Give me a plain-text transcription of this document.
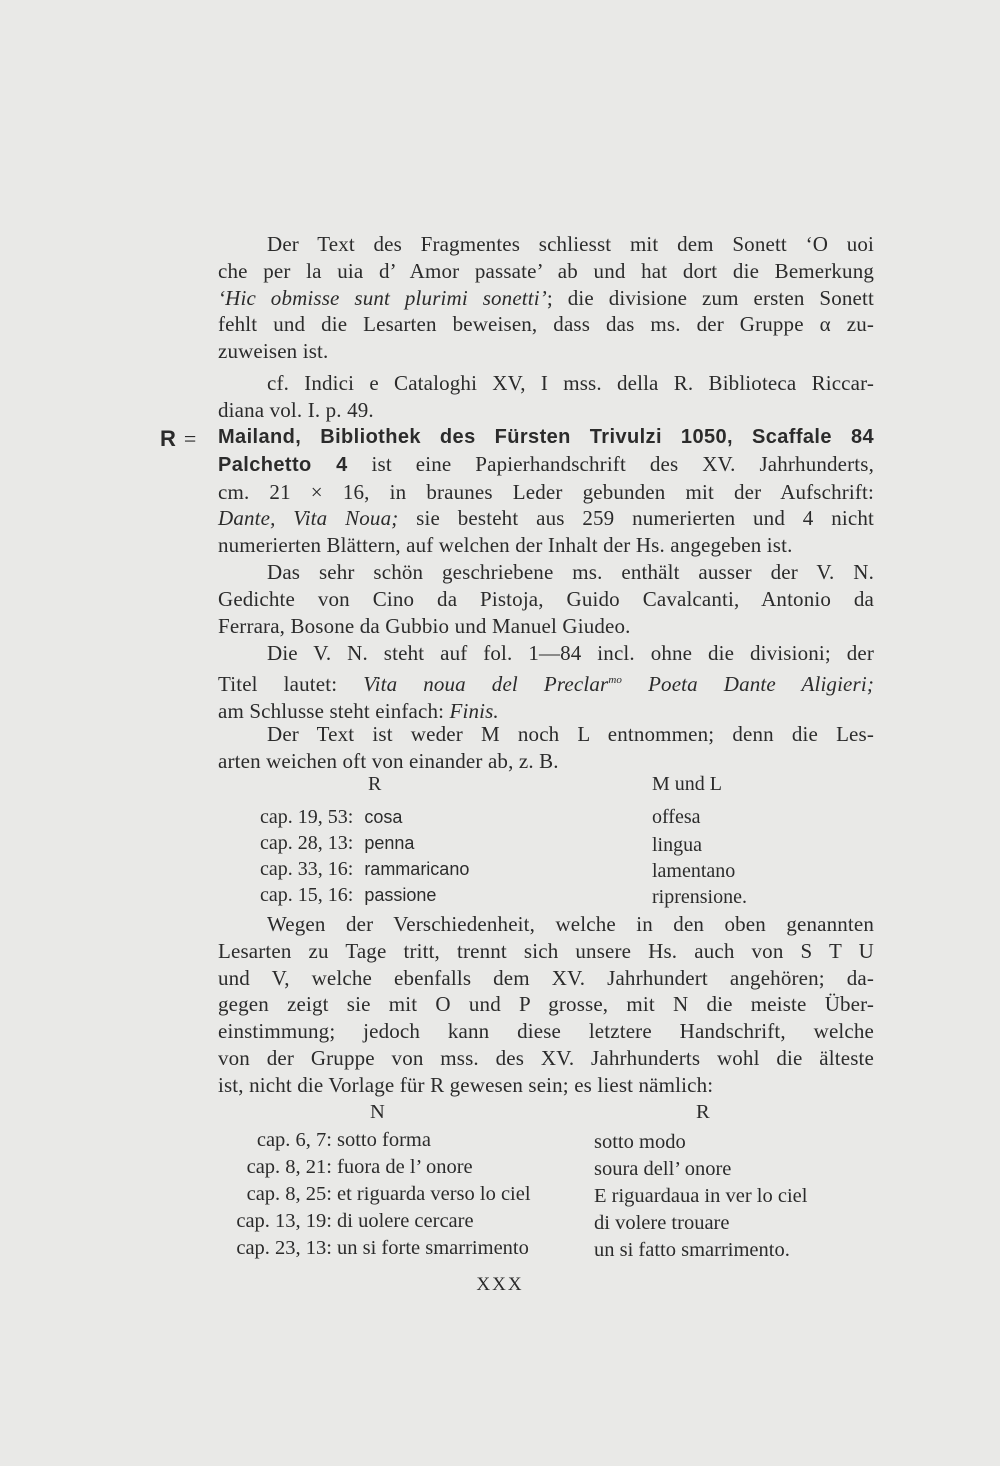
Der Text des Fragmentes schliesst mit dem Sonett ‘O uoi

che per la uia d’ Amor passate’ ab und hat dort die Bemerkung

‘Hic obmisse sunt plurimi sonetti’; die divisione zum ersten Sonett

fehlt und die Lesarten beweisen, dass das ms. der Gruppe α zu-

zuweisen ist.

cf. Indici e Cataloghi XV, I mss. della R. Biblioteca Riccar-

diana vol. I. p. 49.

R = Mailand, Bibliothek des Fürsten Trivulzi 1050, Scaffale 84

Palchetto 4 ist eine Papierhandschrift des XV. Jahrhunderts,

cm. 21 × 16, in braunes Leder gebunden mit der Aufschrift:

Dante, Vita Noua; sie besteht aus 259 numerierten und 4 nicht

numerierten Blättern, auf welchen der Inhalt der Hs. angegeben ist.

Das sehr schön geschriebene ms. enthält ausser der V. N.

Gedichte von Cino da Pistoja, Guido Cavalcanti, Antonio da

Ferrara, Bosone da Gubbio und Manuel Giudeo.

Die V. N. steht auf fol. 1—84 incl. ohne die divisioni; der

Titel lautet: Vita noua del Preclar$^{mo}$ Poeta Dante Aligieri;

am Schlusse steht einfach: Finis.

Der Text ist weder M noch L entnommen; denn die Les-

arten weichen oft von einander ab, z. B.

R	M und L
cap. 19, 53: cosa	offesa
cap. 28, 13: penna	lingua
cap. 33, 16: rammaricano	lamentano
cap. 15, 16: passione	riprensione.

Wegen der Verschiedenheit, welche in den oben genannten

Lesarten zu Tage tritt, trennt sich unsere Hs. auch von S T U

und V, welche ebenfalls dem XV. Jahrhundert angehören; da-

gegen zeigt sie mit O und P grosse, mit N die meiste Über-

einstimmung; jedoch kann diese letztere Handschrift, welche

von der Gruppe von mss. des XV. Jahrhunderts wohl die älteste

ist, nicht die Vorlage für R gewesen sein; es liest nämlich:

N	R
cap. 6, 7: sotto forma	sotto modo
cap. 8, 21: fuora de l’ onore	soura dell’ onore
cap. 8, 25: et riguarda verso lo ciel	E riguardaua in ver lo ciel
cap. 13, 19: di uolere cercare	di volere trouare
cap. 23, 13: un si forte smarrimento	un si fatto smarrimento.
XXX
